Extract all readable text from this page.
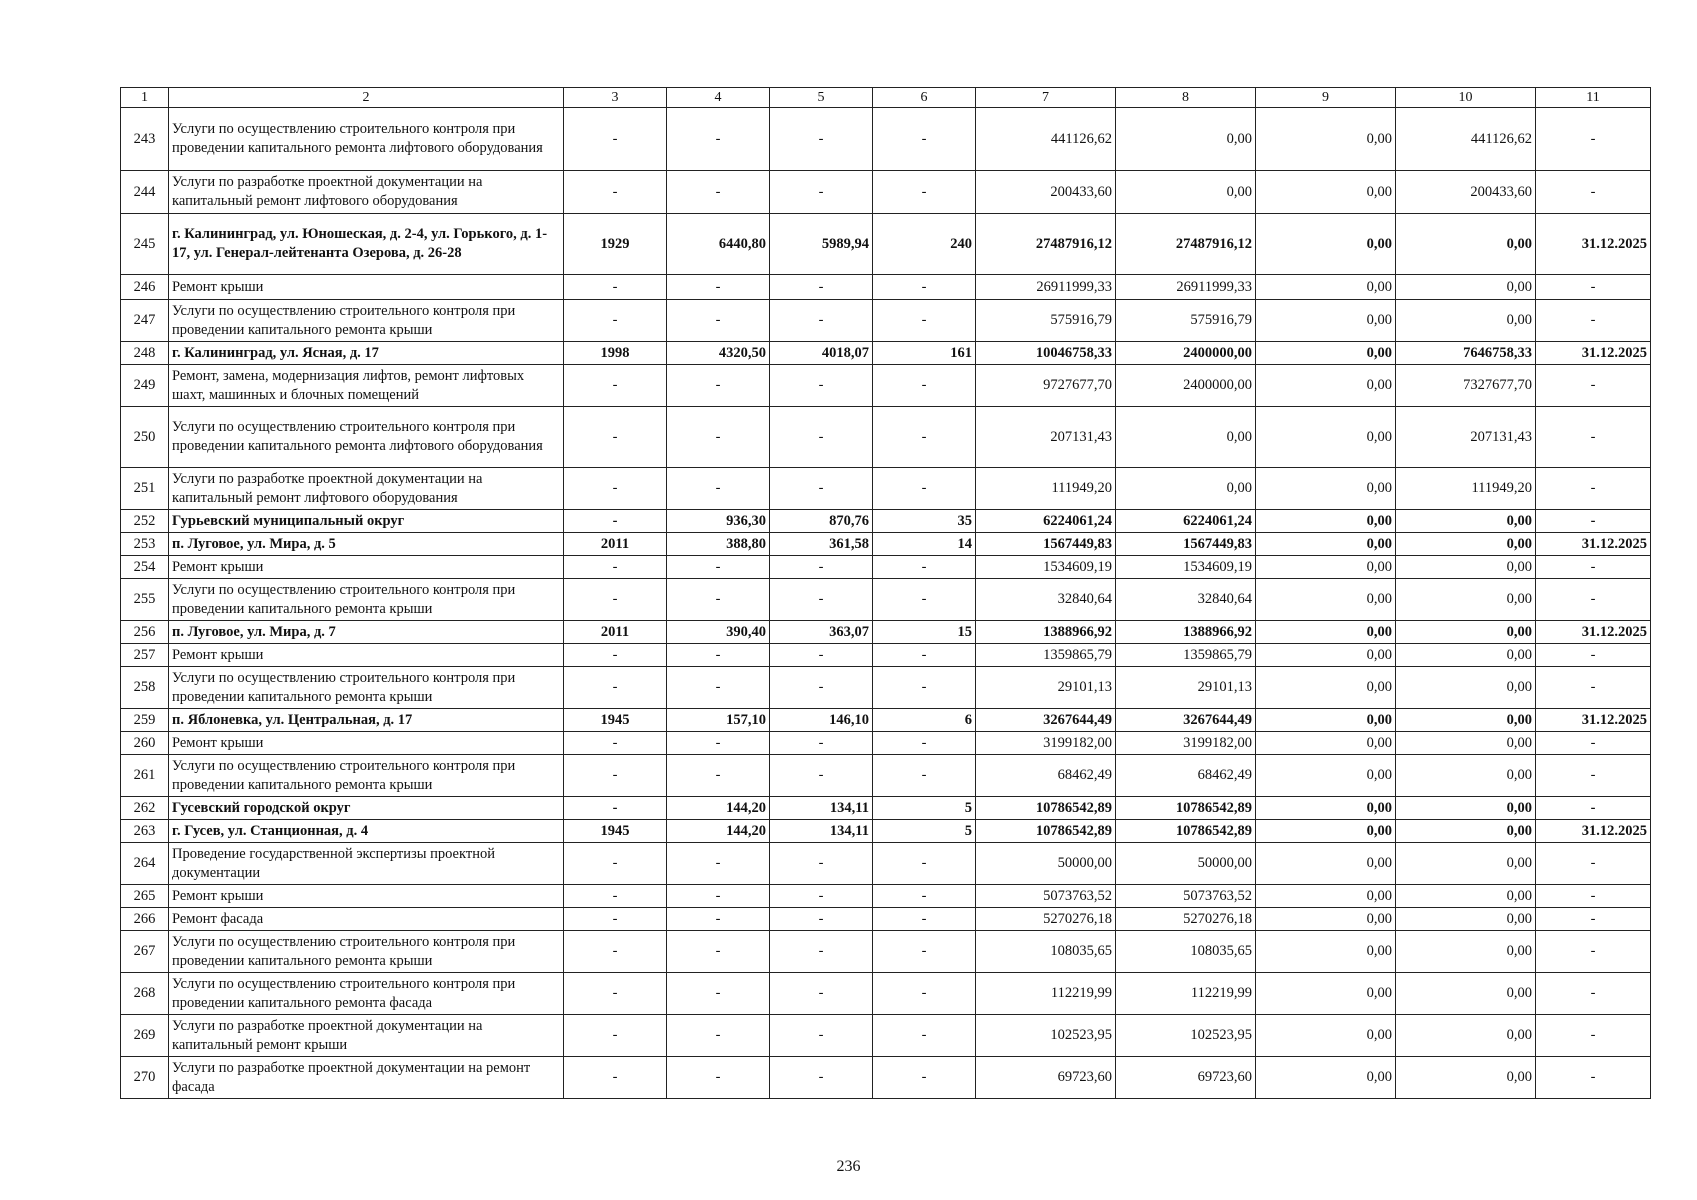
1	2	3	4	5	6	7	8	9	10	11
243	Услуги по осуществлению строительного контроля при проведении капитального ремонта лифтового оборудования	-	-	-	-	441126,62	0,00	0,00	441126,62	-
244	Услуги по разработке проектной документации на капитальный ремонт лифтового оборудования	-	-	-	-	200433,60	0,00	0,00	200433,60	-
245	г. Калининград, ул. Юношеская, д. 2-4, ул. Горького, д. 1-17, ул. Генерал-лейтенанта Озерова, д. 26-28	1929	6440,80	5989,94	240	27487916,12	27487916,12	0,00	0,00	31.12.2025
246	Ремонт крыши	-	-	-	-	26911999,33	26911999,33	0,00	0,00	-
247	Услуги по осуществлению строительного контроля при проведении капитального ремонта крыши	-	-	-	-	575916,79	575916,79	0,00	0,00	-
248	г. Калининград, ул. Ясная, д. 17	1998	4320,50	4018,07	161	10046758,33	2400000,00	0,00	7646758,33	31.12.2025
249	Ремонт, замена, модернизация лифтов, ремонт лифтовых шахт, машинных и блочных помещений	-	-	-	-	9727677,70	2400000,00	0,00	7327677,70	-
250	Услуги по осуществлению строительного контроля при проведении капитального ремонта лифтового оборудования	-	-	-	-	207131,43	0,00	0,00	207131,43	-
251	Услуги по разработке проектной документации на капитальный ремонт лифтового оборудования	-	-	-	-	111949,20	0,00	0,00	111949,20	-
252	Гурьевский муниципальный округ	-	936,30	870,76	35	6224061,24	6224061,24	0,00	0,00	-
253	п. Луговое, ул. Мира, д. 5	2011	388,80	361,58	14	1567449,83	1567449,83	0,00	0,00	31.12.2025
254	Ремонт крыши	-	-	-	-	1534609,19	1534609,19	0,00	0,00	-
255	Услуги по осуществлению строительного контроля при проведении капитального ремонта крыши	-	-	-	-	32840,64	32840,64	0,00	0,00	-
256	п. Луговое, ул. Мира, д. 7	2011	390,40	363,07	15	1388966,92	1388966,92	0,00	0,00	31.12.2025
257	Ремонт крыши	-	-	-	-	1359865,79	1359865,79	0,00	0,00	-
258	Услуги по осуществлению строительного контроля при проведении капитального ремонта крыши	-	-	-	-	29101,13	29101,13	0,00	0,00	-
259	п. Яблоневка, ул. Центральная, д. 17	1945	157,10	146,10	6	3267644,49	3267644,49	0,00	0,00	31.12.2025
260	Ремонт крыши	-	-	-	-	3199182,00	3199182,00	0,00	0,00	-
261	Услуги по осуществлению строительного контроля при проведении капитального ремонта крыши	-	-	-	-	68462,49	68462,49	0,00	0,00	-
262	Гусевский городской округ	-	144,20	134,11	5	10786542,89	10786542,89	0,00	0,00	-
263	г. Гусев, ул. Станционная, д. 4	1945	144,20	134,11	5	10786542,89	10786542,89	0,00	0,00	31.12.2025
264	Проведение государственной экспертизы проектной документации	-	-	-	-	50000,00	50000,00	0,00	0,00	-
265	Ремонт крыши	-	-	-	-	5073763,52	5073763,52	0,00	0,00	-
266	Ремонт фасада	-	-	-	-	5270276,18	5270276,18	0,00	0,00	-
267	Услуги по осуществлению строительного контроля при проведении капитального ремонта крыши	-	-	-	-	108035,65	108035,65	0,00	0,00	-
268	Услуги по осуществлению строительного контроля при проведении капитального ремонта фасада	-	-	-	-	112219,99	112219,99	0,00	0,00	-
269	Услуги по разработке проектной документации на капитальный ремонт крыши	-	-	-	-	102523,95	102523,95	0,00	0,00	-
270	Услуги по разработке проектной документации на ремонт фасада	-	-	-	-	69723,60	69723,60	0,00	0,00	-
236
